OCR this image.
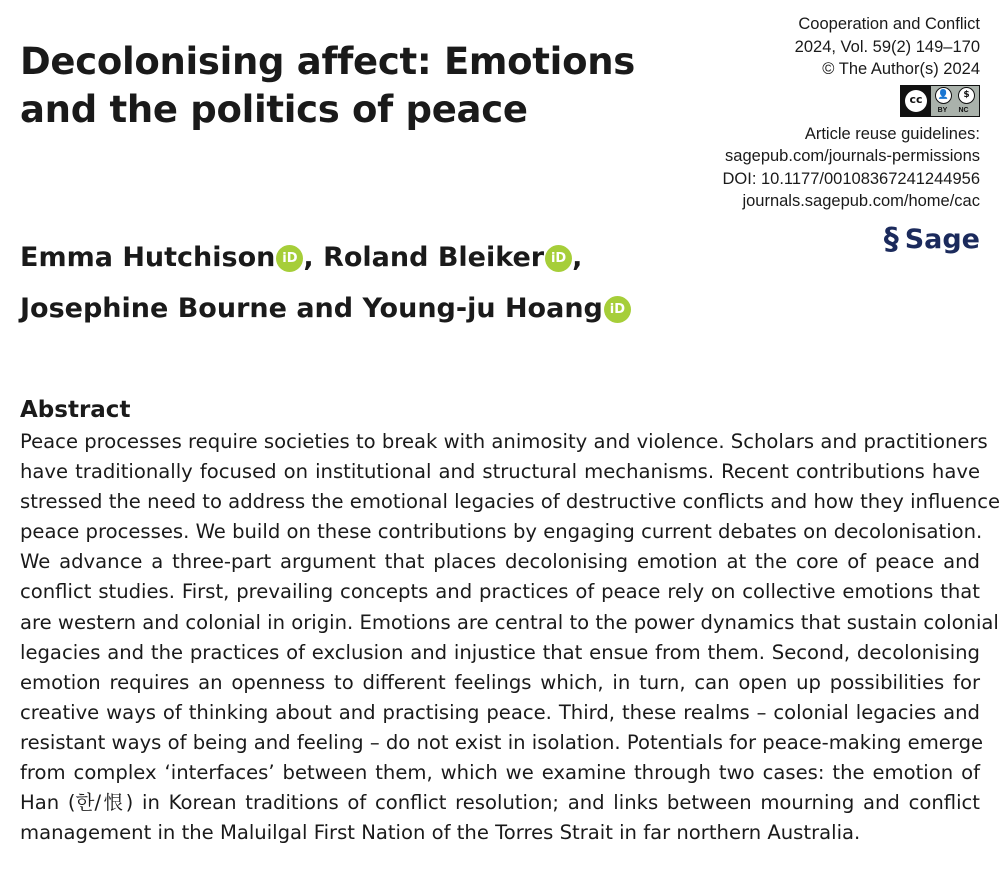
Decolonising affect: Emotions and the politics of peace
Cooperation and Conflict
2024, Vol. 59(2) 149–170
© The Author(s) 2024
cc	👤	$
BY	NC
Article reuse guidelines:
sagepub.com/journals-permissions
DOI: 10.1177/00108367241244956
journals.sagepub.com/home/cac
§ Sage

Emma Hutchison iD , Roland Bleiker iD ,
Josephine Bourne and Young-ju Hoang iD

Abstract
Peace processes require societies to break with animosity and violence. Scholars and practitioners
have traditionally focused on institutional and structural mechanisms. Recent contributions have
stressed the need to address the emotional legacies of destructive conflicts and how they influence
peace processes. We build on these contributions by engaging current debates on decolonisation.
We advance a three-part argument that places decolonising emotion at the core of peace and
conflict studies. First, prevailing concepts and practices of peace rely on collective emotions that
are western and colonial in origin. Emotions are central to the power dynamics that sustain colonial
legacies and the practices of exclusion and injustice that ensue from them. Second, decolonising
emotion requires an openness to different feelings which, in turn, can open up possibilities for
creative ways of thinking about and practising peace. Third, these realms – colonial legacies and
resistant ways of being and feeling – do not exist in isolation. Potentials for peace-making emerge
from complex ‘interfaces’ between them, which we examine through two cases: the emotion of
Han (한/恨) in Korean traditions of conflict resolution; and links between mourning and conflict
management in the Maluilgal First Nation of the Torres Strait in far northern Australia.
